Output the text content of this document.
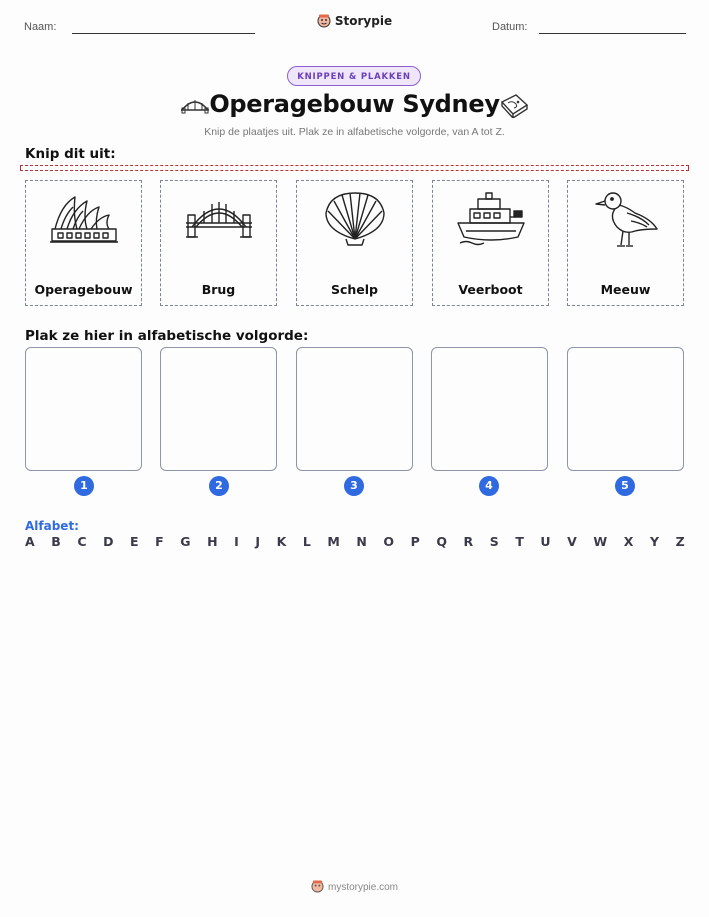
Naam:	Storypie	Datum:
KNIPPEN & PLAKKEN
Operagebouw Sydney
Knip de plaatjes uit. Plak ze in alfabetische volgorde, van A tot Z.
Knip dit uit:
Operagebouw	Brug	Schelp	Veerboot	Meeuw
Plak ze hier in alfabetische volgorde:
1	2	3	4	5
Alfabet:
A B C D E F G H I J K L M N O P Q R S T U V W X Y Z
mystorypie.com
